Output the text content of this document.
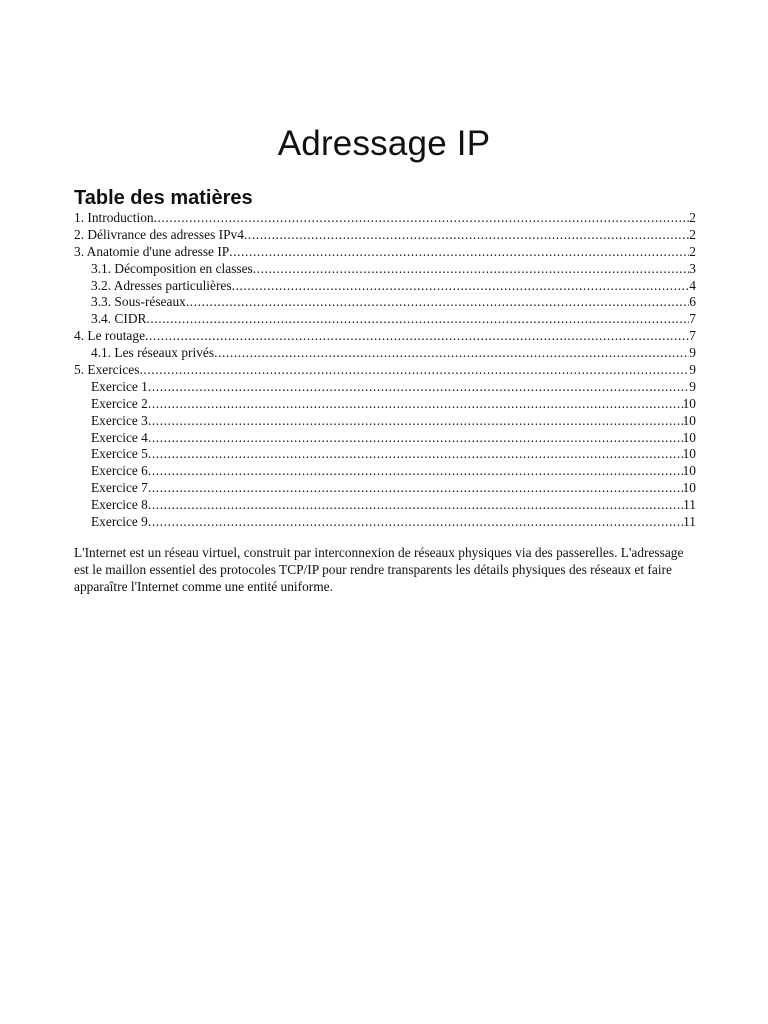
Adressage IP
Table des matières
1. Introduction .....	2
2. Délivrance des adresses IPv4 .....	2
3. Anatomie d'une adresse IP .....	2
3.1. Décomposition en classes .....	3
3.2. Adresses particulières .....	4
3.3. Sous-réseaux .....	6
3.4. CIDR .....	7
4. Le routage .....	7
4.1. Les réseaux privés .....	9
5. Exercices .....	9
Exercice 1 .....	9
Exercice 2 .....	10
Exercice 3 .....	10
Exercice 4 .....	10
Exercice 5 .....	10
Exercice 6 .....	10
Exercice 7 .....	10
Exercice 8 .....	11
Exercice 9 .....	11

L'Internet est un réseau virtuel, construit par interconnexion de réseaux physiques via des passerelles. L'adressage est le maillon essentiel des protocoles TCP/IP pour rendre transparents les détails physiques des réseaux et faire apparaître l'Internet comme une entité uniforme.
